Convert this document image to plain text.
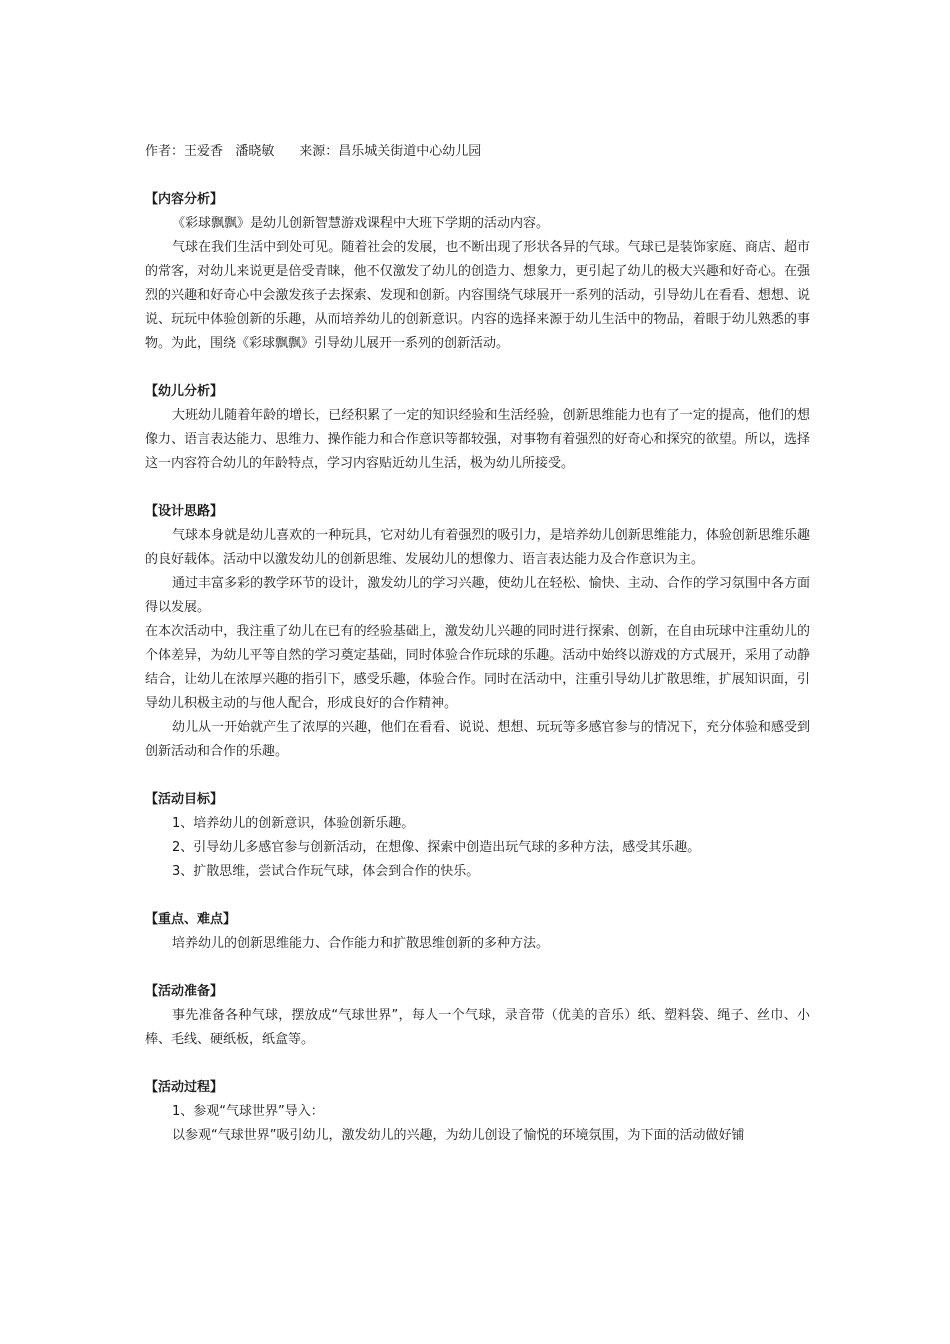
作者：王爱香   潘晓敏      来源：昌乐城关街道中心幼儿园

【内容分析】

《彩球飘飘》是幼儿创新智慧游戏课程中大班下学期的活动内容。

气球在我们生活中到处可见。随着社会的发展，也不断出现了形状各异的气球。气球已是装饰家庭、商店、超市的常客，对幼儿来说更是倍受青睐，他不仅激发了幼儿的创造力、想象力，更引起了幼儿的极大兴趣和好奇心。在强烈的兴趣和好奇心中会激发孩子去探索、发现和创新。内容围绕气球展开一系列的活动，引导幼儿在看看、想想、说说、玩玩中体验创新的乐趣，从而培养幼儿的创新意识。内容的选择来源于幼儿生活中的物品，着眼于幼儿熟悉的事物。为此，围绕《彩球飘飘》引导幼儿展开一系列的创新活动。

【幼儿分析】

大班幼儿随着年龄的增长，已经积累了一定的知识经验和生活经验，创新思维能力也有了一定的提高，他们的想像力、语言表达能力、思维力、操作能力和合作意识等都较强，对事物有着强烈的好奇心和探究的欲望。所以，选择这一内容符合幼儿的年龄特点，学习内容贴近幼儿生活，极为幼儿所接受。

【设计思路】

气球本身就是幼儿喜欢的一种玩具，它对幼儿有着强烈的吸引力，是培养幼儿创新思维能力，体验创新思维乐趣的良好载体。活动中以激发幼儿的创新思维、发展幼儿的想像力、语言表达能力及合作意识为主。

通过丰富多彩的教学环节的设计，激发幼儿的学习兴趣，使幼儿在轻松、愉快、主动、合作的学习氛围中各方面得以发展。

在本次活动中，我注重了幼儿在已有的经验基础上，激发幼儿兴趣的同时进行探索、创新，在自由玩球中注重幼儿的个体差异，为幼儿平等自然的学习奠定基础，同时体验合作玩球的乐趣。活动中始终以游戏的方式展开，采用了动静结合，让幼儿在浓厚兴趣的指引下，感受乐趣，体验合作。同时在活动中，注重引导幼儿扩散思维，扩展知识面，引导幼儿积极主动的与他人配合，形成良好的合作精神。

幼儿从一开始就产生了浓厚的兴趣，他们在看看、说说、想想、玩玩等多感官参与的情况下，充分体验和感受到创新活动和合作的乐趣。

【活动目标】

1、培养幼儿的创新意识，体验创新乐趣。

2、引导幼儿多感官参与创新活动，在想像、探索中创造出玩气球的多种方法，感受其乐趣。

3、扩散思维，尝试合作玩气球，体会到合作的快乐。

【重点、难点】

培养幼儿的创新思维能力、合作能力和扩散思维创新的多种方法。

【活动准备】

事先准备各种气球，摆放成“气球世界”，每人一个气球，录音带（优美的音乐）纸、塑料袋、绳子、丝巾、小棒、毛线、硬纸板，纸盒等。

【活动过程】

1、参观“气球世界”导入：

以参观“气球世界”吸引幼儿，激发幼儿的兴趣，为幼儿创设了愉悦的环境氛围，为下面的活动做好铺
